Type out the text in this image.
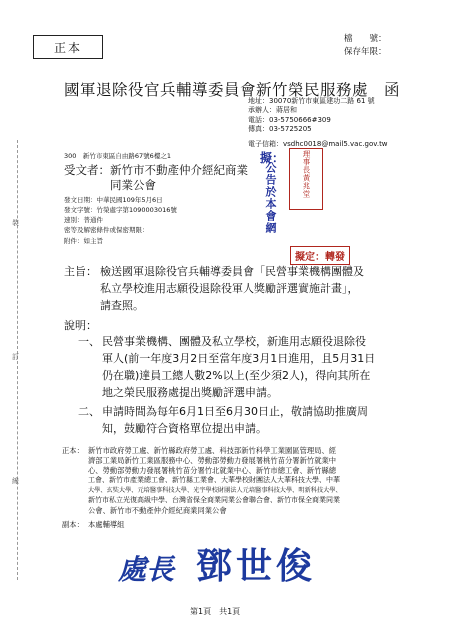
裝
訂
線
正本
檔　　號：
保存年限：
國軍退除役官兵輔導委員會新竹榮民服務處　函
地址：30070新竹市東區建功二路 61 號
承辦人：蔣居和
電話：03-5750666#309
傳真：03-5725205
電子信箱：vsdhc0018@mail5.vac.gov.tw
300　新竹市東區自由路67號6樓之1
受文者： 新竹市不動產仲介經紀商業
同業公會
發文日期：中華民國109年5月6日
發文字號：竹榮處字第1090003016號
速別：普通件
密等及解密條件或保密期限：
附件：如主旨
擬：
公告於本會網	理事長黃兆堂
擬定：轉發
主旨： 檢送國軍退除役官兵輔導委員會「民營事業機構團體及
私立學校進用志願役退除役軍人獎勵評選實施計畫」，
請查照。
說明：
一、 民營事業機構、團體及私立學校，新進用志願役退除役
軍人(前一年度3月2日至當年度3月1日進用，且5月31日
仍在職)達員工總人數2%以上(至少須2人)，得向其所在
地之榮民服務處提出獎勵評選申請。
二、 申請時間為每年6月1日至6月30日止，敬請協助推廣周
知，鼓勵符合資格單位提出申請。
正本： 新竹市政府勞工處、新竹縣政府勞工處、科技部新竹科學工業園區管理局、經
濟部工業局新竹工業區服務中心、勞動部勞動力發展署桃竹苗分署新竹就業中
心、勞動部勞動力發展署桃竹苗分署竹北就業中心、新竹市總工會、新竹縣總
工會、新竹市產業總工會、新竹縣工業會、大華學校財團法人大華科技大學、中華
大學、玄奘大學、元培醫事科技大學、光宇學校財團法人元培醫事科技大學、明新科技大學、
新竹市私立光復高級中學、台灣省保全商業同業公會聯合會、新竹市保全商業同業
公會、新竹市不動產仲介經紀商業同業公會
副本： 本處輔導組
處長 鄧世俊
第1頁　共1頁
